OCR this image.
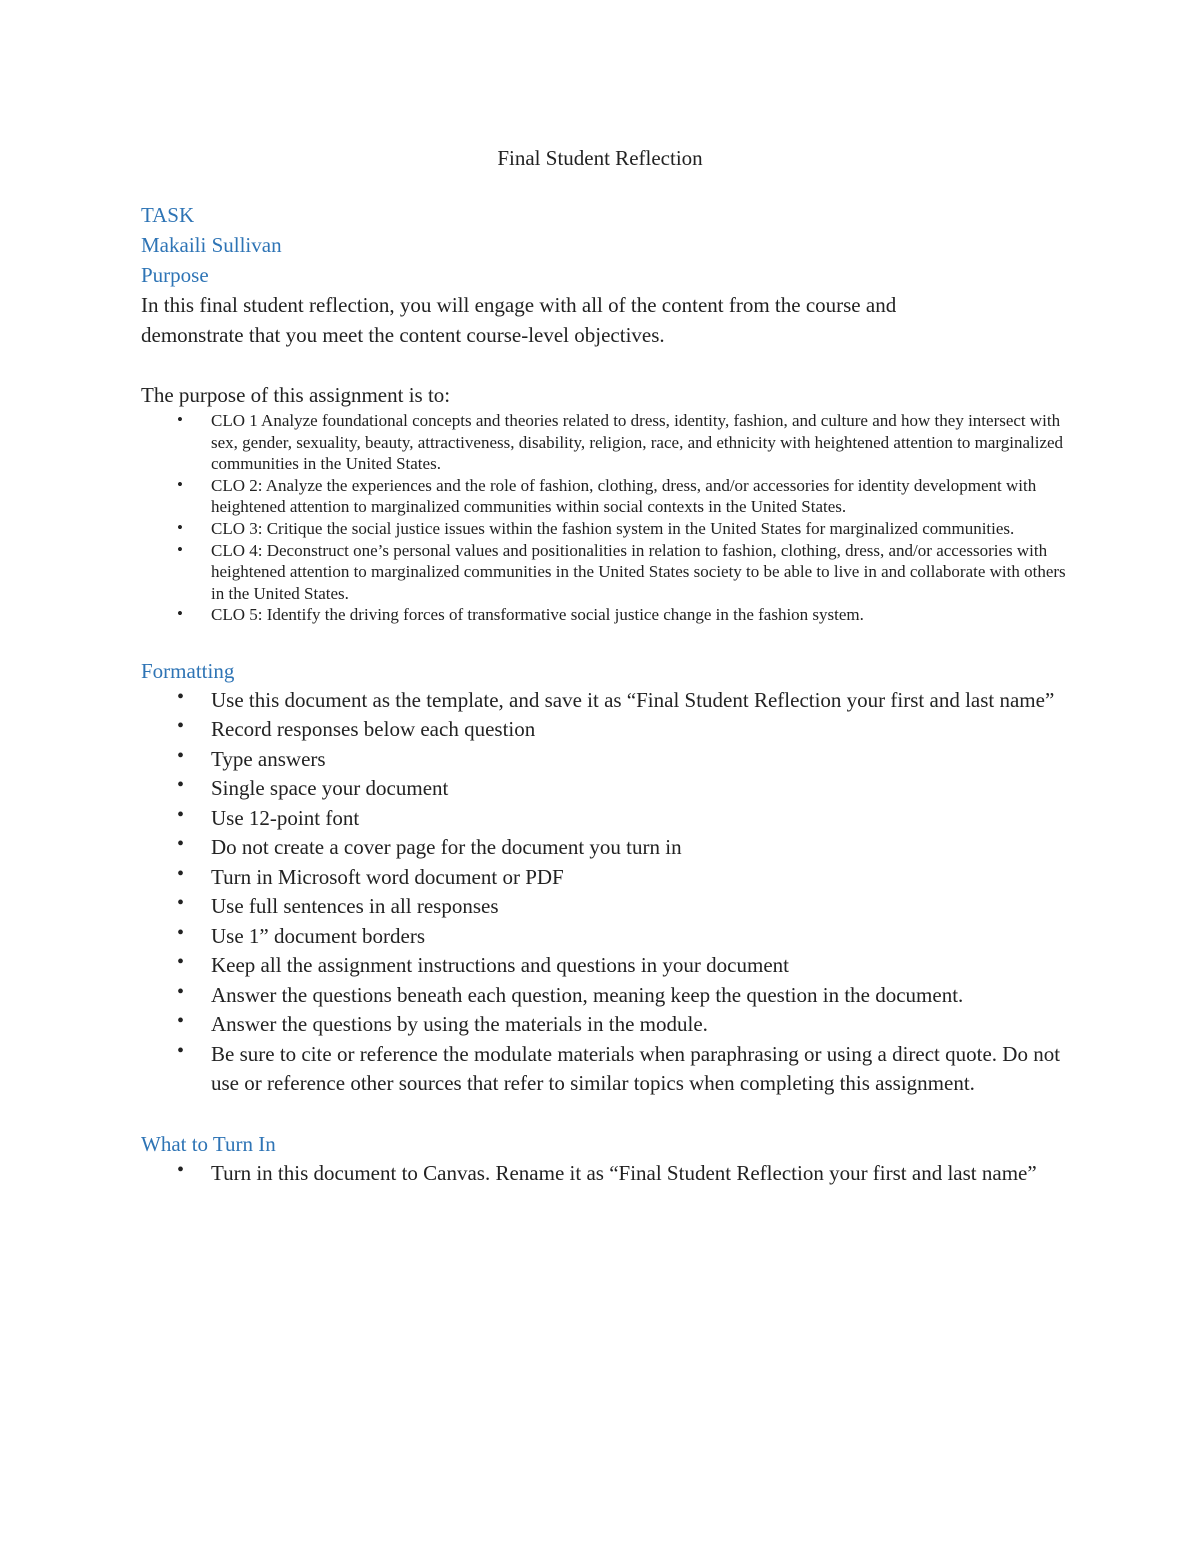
Final Student Reflection

TASK

Makaili Sullivan

Purpose

In this final student reflection, you will engage with all of the content from the course and

demonstrate that you meet the content course-level objectives.

The purpose of this assignment is to:

• CLO 1 Analyze foundational concepts and theories related to dress, identity, fashion, and culture and how they intersect with sex, gender, sexuality, beauty, attractiveness, disability, religion, race, and ethnicity with heightened attention to marginalized communities in the United States.
• CLO 2: Analyze the experiences and the role of fashion, clothing, dress, and/or accessories for identity development with heightened attention to marginalized communities within social contexts in the United States.
• CLO 3: Critique the social justice issues within the fashion system in the United States for marginalized communities.
• CLO 4: Deconstruct one’s personal values and positionalities in relation to fashion, clothing, dress, and/or accessories with heightened attention to marginalized communities in the United States society to be able to live in and collaborate with others in the United States.
• CLO 5: Identify the driving forces of transformative social justice change in the fashion system.

Formatting

• Use this document as the template, and save it as “Final Student Reflection your first and last name”
• Record responses below each question
• Type answers
• Single space your document
• Use 12-point font
• Do not create a cover page for the document you turn in
• Turn in Microsoft word document or PDF
• Use full sentences in all responses
• Use 1” document borders
• Keep all the assignment instructions and questions in your document
• Answer the questions beneath each question, meaning keep the question in the document.
• Answer the questions by using the materials in the module.
• Be sure to cite or reference the modulate materials when paraphrasing or using a direct quote. Do not use or reference other sources that refer to similar topics when completing this assignment.

What to Turn In

• Turn in this document to Canvas. Rename it as “Final Student Reflection your first and last name”
